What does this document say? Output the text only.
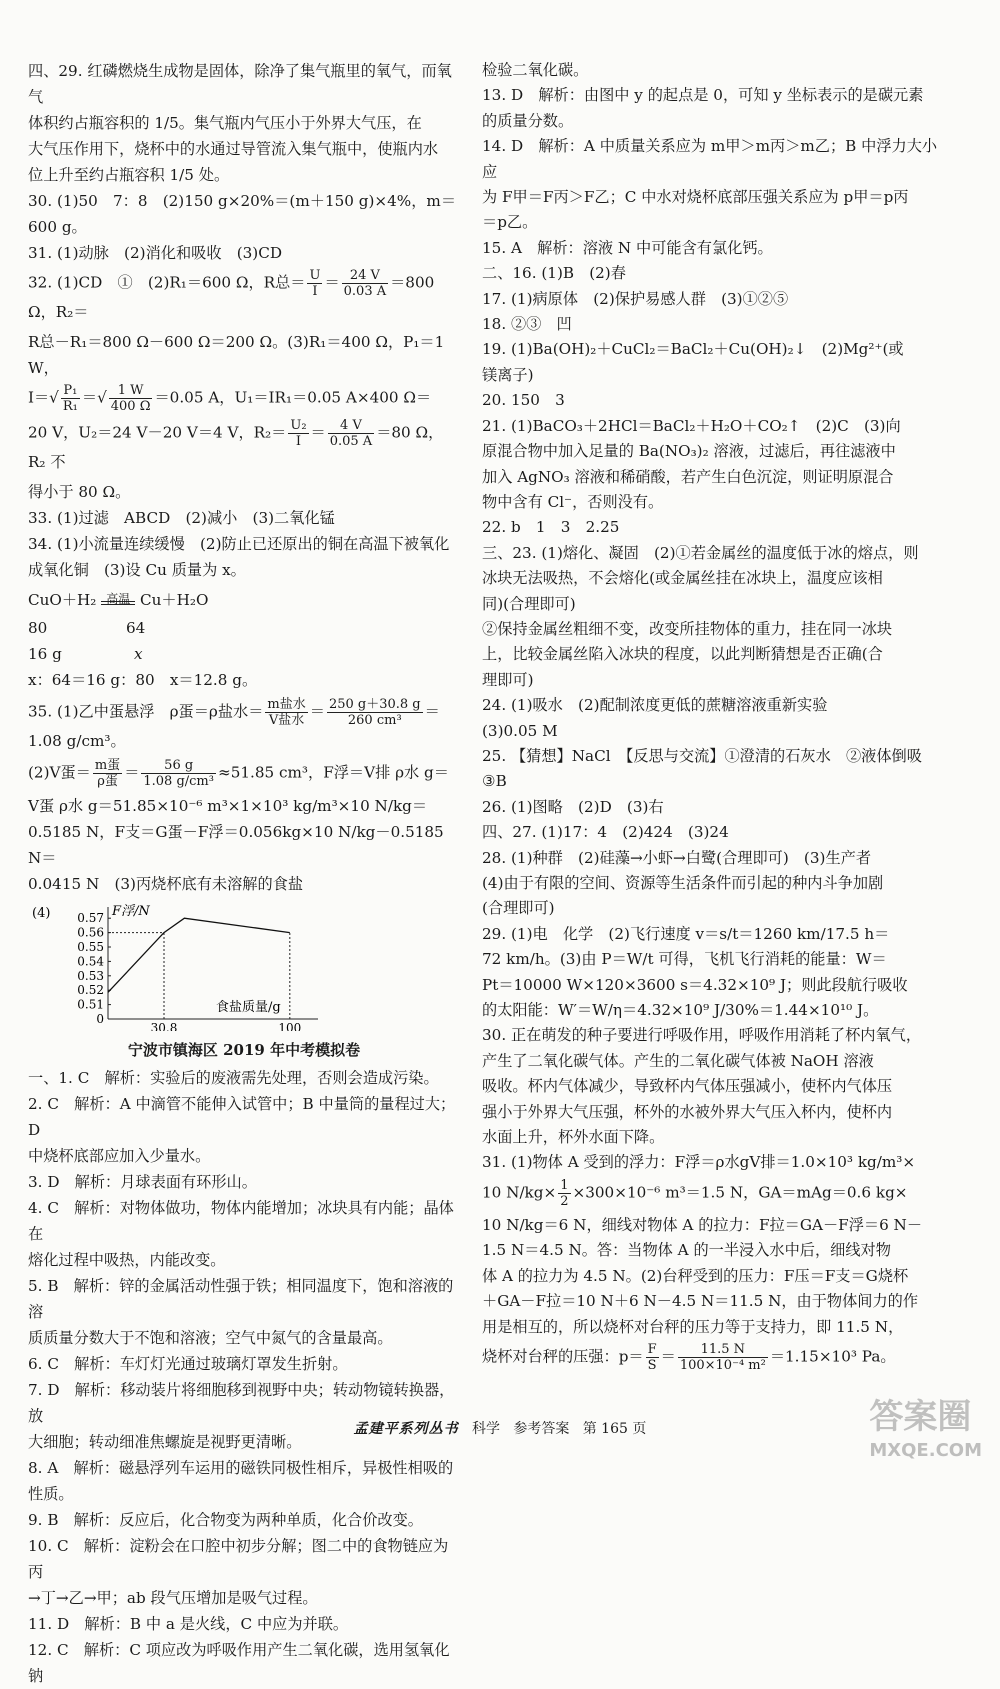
四、29. 红磷燃烧生成物是固体，除净了集气瓶里的氧气，而氧气

体积约占瓶容积的 1/5。集气瓶内气压小于外界大气压，在

大气压作用下，烧杯中的水通过导管流入集气瓶中，使瓶内水

位上升至约占瓶容积 1/5 处。

30. (1)50　7：8　(2)150 g×20%＝(m＋150 g)×4%，m＝600 g。

31. (1)动脉　(2)消化和吸收　(3)CD

32. (1)CD　①　(2)R₁＝600 Ω，R总＝ $\frac{U}{I} = \frac{24 V}{0.03 A} =800$ Ω，R₂＝

R总－R₁＝800 Ω－600 Ω＝200 Ω。(3)R₁＝400 Ω，P₁＝1 W，

$I=√ \frac{\text{P₁}}{\text{R₁}}$ ＝√ $\frac{1 W}{400 \Omega} =0.05$ A，U₁＝IR₁＝0.05 A×400 Ω＝
20 V，U₂＝24 V－20 V＝4 V，$R_2= \frac{\text{U₂}}{I} = \frac{4 V}{0.05 A} =80$ Ω，R₂ 不

得小于 80 Ω。

33. (1)过滤　ABCD　(2)减小　(3)二氧化锰

34. (1)小流量连续缓慢　(2)防止已还原出的铜在高温下被氧化

成氧化铜　(3)设 Cu 质量为 x。

CuO＋H₂ 高温 Cu＋H₂O
80	64
16 g	x

x：64＝16 g：80　x＝12.8 g。

35. (1)乙中蛋悬浮　ρ蛋＝ρ盐水＝ $\frac{\text{m盐水}}{\text{V盐水}} = \frac{250 g+30.8 g}{\text{260 cm³}} =1.08$ g/cm³。
(2)V蛋＝ $\frac{\text{m蛋}}{\text{ρ蛋}} = \frac{56 g}{\text{1.08 g/cm³}} \approx 51.85$ cm³，F浮＝V排 ρ水 g＝

V蛋 ρ水 g＝51.85×10⁻⁶ m³×1×10³ kg/m³×10 N/kg＝

0.5185 N，F支＝G蛋－F浮＝0.056kg×10 N/kg－0.5185 N＝

0.0415 N　(3)丙烧杯底有未溶解的食盐

(4)	F浮/N
食盐质量/g
0.57
0.56
0.55
0.54
0.53
0.52
0.51
0
30.8	100
宁波市镇海区 2019 年中考模拟卷

一、1. C　解析：实验后的废液需先处理，否则会造成污染。

2. C　解析：A 中滴管不能伸入试管中；B 中量筒的量程过大；D

中烧杯底部应加入少量水。

3. D　解析：月球表面有环形山。

4. C　解析：对物体做功，物体内能增加；冰块具有内能；晶体在

熔化过程中吸热，内能改变。

5. B　解析：锌的金属活动性强于铁；相同温度下，饱和溶液的溶

质质量分数大于不饱和溶液；空气中氮气的含量最高。

6. C　解析：车灯灯光通过玻璃灯罩发生折射。

7. D　解析：移动装片将细胞移到视野中央；转动物镜转换器，放

大细胞；转动细准焦螺旋是视野更清晰。

8. A　解析：磁悬浮列车运用的磁铁同极性相斥，异极性相吸的

性质。

9. B　解析：反应后，化合物变为两种单质，化合价改变。

10. C　解析：淀粉会在口腔中初步分解；图二中的食物链应为丙

→丁→乙→甲；ab 段气压增加是吸气过程。

11. D　解析：B 中 a 是火线，C 中应为并联。

12. C　解析：C 项应改为呼吸作用产生二氧化碳，选用氢氧化钠

检验二氧化碳。

13. D　解析：由图中 y 的起点是 0，可知 y 坐标表示的是碳元素

的质量分数。

14. D　解析：A 中质量关系应为 m甲＞m丙＞m乙；B 中浮力大小应

为 F甲＝F丙＞F乙；C 中水对烧杯底部压强关系应为 p甲＝p丙

＝p乙。

15. A　解析：溶液 N 中可能含有氯化钙。

二、16. (1)B　(2)春

17. (1)病原体　(2)保护易感人群　(3)①②⑤

18. ②③　凹

19. (1)Ba(OH)₂＋CuCl₂＝BaCl₂＋Cu(OH)₂↓　(2)Mg²⁺(或

镁离子)

20. 150　3

21. (1)BaCO₃＋2HCl＝BaCl₂＋H₂O＋CO₂↑　(2)C　(3)向

原混合物中加入足量的 Ba(NO₃)₂ 溶液，过滤后，再往滤液中

加入 AgNO₃ 溶液和稀硝酸，若产生白色沉淀，则证明原混合

物中含有 Cl⁻，否则没有。

22. b　1　3　2.25

三、23. (1)熔化、凝固　(2)①若金属丝的温度低于冰的熔点，则

冰块无法吸热，不会熔化(或金属丝挂在冰块上，温度应该相

同)(合理即可)

②保持金属丝粗细不变，改变所挂物体的重力，挂在同一冰块

上，比较金属丝陷入冰块的程度，以此判断猜想是否正确(合

理即可)

24. (1)吸水　(2)配制浓度更低的蔗糖溶液重新实验

(3)0.05 M

25. 【猜想】NaCl　【反思与交流】①澄清的石灰水　②液体倒吸

③B

26. (1)图略　(2)D　(3)右

四、27. (1)17：4　(2)424　(3)24

28. (1)种群　(2)硅藻→小虾→白鹭(合理即可)　(3)生产者

(4)由于有限的空间、资源等生活条件而引起的种内斗争加剧

(合理即可)

29. (1)电　化学　(2)飞行速度 v＝s/t＝1260 km/17.5 h＝

72 km/h。(3)由 P＝W/t 可得，飞机飞行消耗的能量：W＝

Pt＝10000 W×120×3600 s＝4.32×10⁹ J；则此段航行吸收

的太阳能：W′＝W/η＝4.32×10⁹ J/30%＝1.44×10¹⁰ J。

30. 正在萌发的种子要进行呼吸作用，呼吸作用消耗了杯内氧气，

产生了二氧化碳气体。产生的二氧化碳气体被 NaOH 溶液

吸收。杯内气体减少，导致杯内气体压强减小，使杯内气体压

强小于外界大气压强，杯外的水被外界大气压入杯内，使杯内

水面上升，杯外水面下降。

31. (1)物体 A 受到的浮力：F浮＝ρ水gV排＝1.0×10³ kg/m³×

10 $N/kg\times \frac{1}{2} \times 300\times 10^{-6}$ m³＝1.5 N，GA＝mAg＝0.6 kg×

10 N/kg＝6 N，细线对物体 A 的拉力：F拉＝GA－F浮＝6 N－

1.5 N＝4.5 N。答：当物体 A 的一半浸入水中后，细线对物

体 A 的拉力为 4.5 N。(2)台秤受到的压力：F压＝F支＝G烧杯

＋GA－F拉＝10 N＋6 N－4.5 N＝11.5 N，由于物体间力的作

用是相互的，所以烧杯对台秤的压力等于支持力，即 11.5 N，

烧杯对台秤的压强：$p= \frac{F}{S} = \frac{11.5 N}{\text{100×10⁻⁴ m²}} =1.15\times 10^3$ Pa。
孟建平系列丛书 科学 参考答案 第 165 页	答案圈
MXQE.COM
